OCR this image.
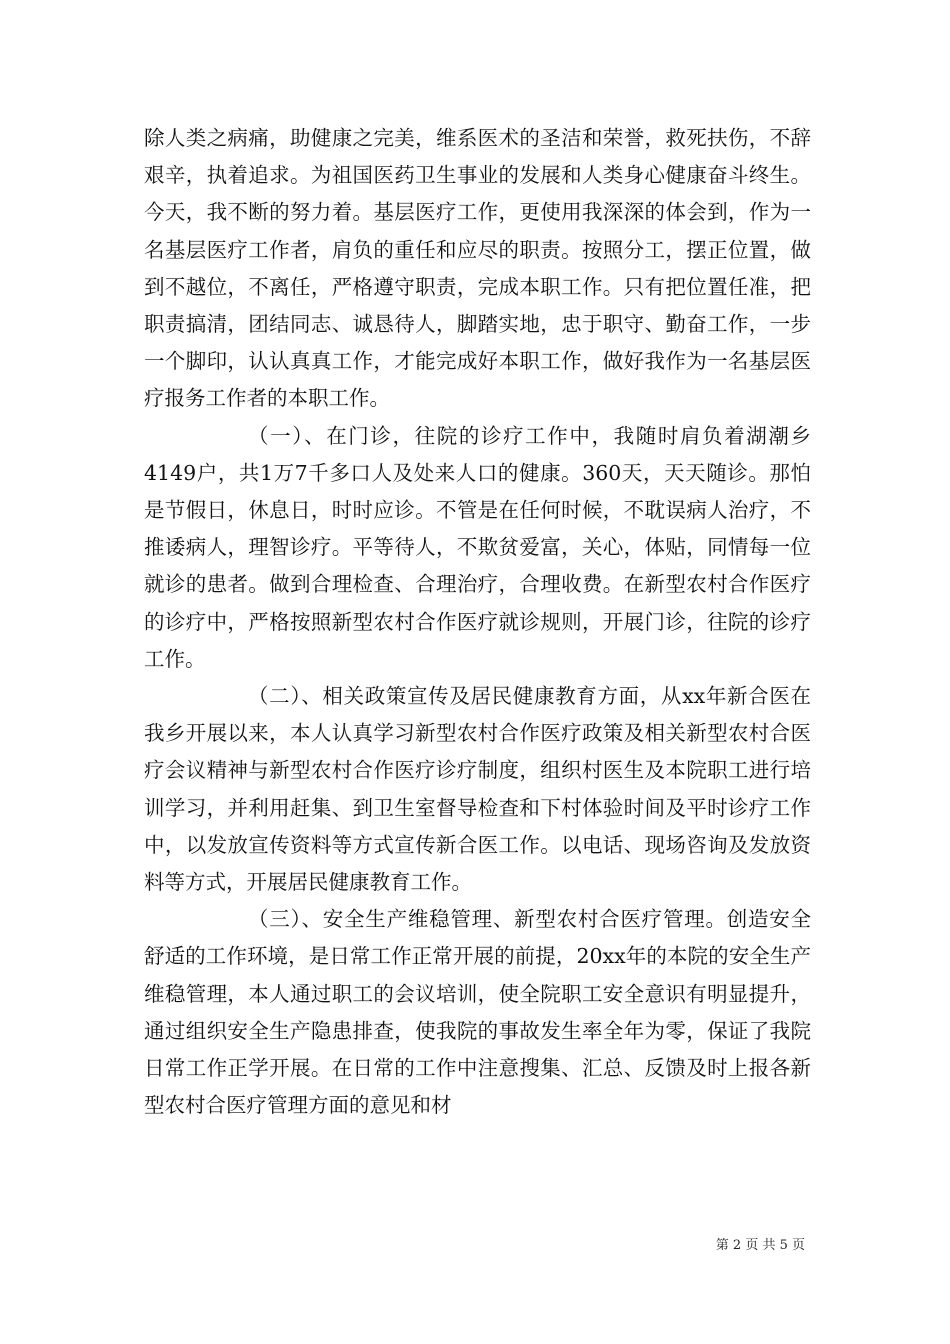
除人类之病痛，助健康之完美，维系医术的圣洁和荣誉，救死扶伤，不辞艰辛，执着追求。为祖国医药卫生事业的发展和人类身心健康奋斗终生。今天，我不断的努力着。基层医疗工作，更使用我深深的体会到，作为一名基层医疗工作者，肩负的重任和应尽的职责。按照分工，摆正位置，做到不越位，不离任，严格遵守职责，完成本职工作。只有把位置任准，把职责搞清，团结同志、诚恳待人，脚踏实地，忠于职守、勤奋工作，一步一个脚印，认认真真工作，才能完成好本职工作，做好我作为一名基层医疗报务工作者的本职工作。

（一）、在门诊，往院的诊疗工作中，我随时肩负着湖潮乡4149户，共1万7千多口人及处来人口的健康。360天，天天随诊。那怕是节假日，休息日，时时应诊。不管是在任何时候，不耽误病人治疗，不推诿病人，理智诊疗。平等待人，不欺贫爱富，关心，体贴，同情每一位就诊的患者。做到合理检查、合理治疗，合理收费。在新型农村合作医疗的诊疗中，严格按照新型农村合作医疗就诊规则，开展门诊，往院的诊疗工作。

（二）、相关政策宣传及居民健康教育方面，从xx年新合医在我乡开展以来，本人认真学习新型农村合作医疗政策及相关新型农村合医疗会议精神与新型农村合作医疗诊疗制度，组织村医生及本院职工进行培训学习，并利用赶集、到卫生室督导检查和下村体验时间及平时诊疗工作中，以发放宣传资料等方式宣传新合医工作。以电话、现场咨询及发放资料等方式，开展居民健康教育工作。

（三）、安全生产维稳管理、新型农村合医疗管理。创造安全舒适的工作环境，是日常工作正常开展的前提，20xx年的本院的安全生产维稳管理，本人通过职工的会议培训，使全院职工安全意识有明显提升，通过组织安全生产隐患排查，使我院的事故发生率全年为零，保证了我院日常工作正学开展。在日常的工作中注意搜集、汇总、反馈及时上报各新型农村合医疗管理方面的意见和材

第 2 页 共 5 页
